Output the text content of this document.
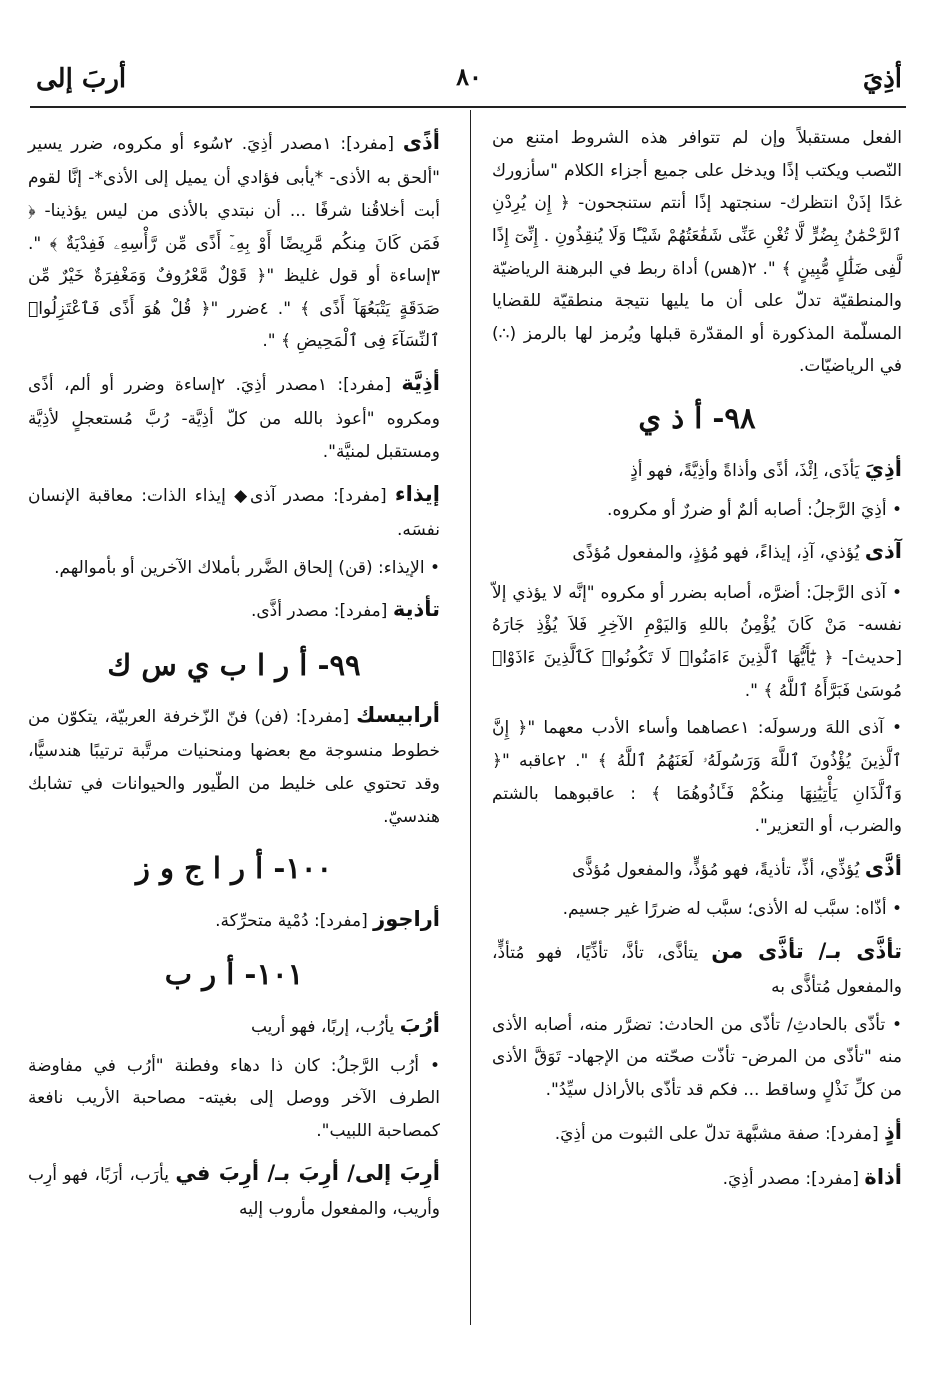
أذِيَ
٨٠
أربَ إلى

الفعل مستقبلاً وإن لم تتوافر هذه الشروط امتنع من النّصب ويكتب إذًا ويدخل على جميع أجزاء الكلام "سأزورك غدًا إذَنْ انتظرك- سنجتهد إذًا أنتم ستنجحون- ﴿ إِن يُرِدْنِ ٱلرَّحْمَٰنُ بِضُرٍّ لَّا تُغْنِ عَنِّى شَفَٰعَتُهُمْ شَيْـًٔا وَلَا يُنقِذُونِ . إِنِّىٓ إِذًا لَّفِى ضَلَٰلٍ مُّبِينٍ ﴾ ". ٢(هس) أداة ربط في البرهنة الرياضيّة والمنطقيّة تدلّ على أن ما يليها نتيجة منطقيّة للقضايا المسلّمة المذكورة أو المقدّرة قبلها ويُرمز لها بالرمز (∴) في الرياضيّات.

٩٨- أ ذ ي

أذِيَ يَأذَى، اِئْذَ، أذًى وأذاةً وأذِيَّةً، فهو أذٍ

• أذِيَ الرَّجلُ: أصابه ألمٌ أو ضررٌ أو مكروه.

آذى يُؤذي، آذِ، إيذاءً، فهو مُؤذٍ، والمفعول مُؤذًى

• آذى الرَّجلَ: أضرَّه، أصابه بضرر أو مكروه "إنَّه لا يؤذي إلاّ نفسه- مَنْ كَانَ يُؤْمِنُ باللهِ وَاليَوْمِ الآخِرِ فَلاَ يُؤْذِ جَارَهُ [حديث]- ﴿ يَٰٓأَيُّهَا ٱلَّذِينَ ءَامَنُوا۟ لَا تَكُونُوا۟ كَٱلَّذِينَ ءَاذَوْا۟ مُوسَىٰ فَبَرَّأَهُ ٱللَّهُ ﴾ ".

• آذى اللهَ ورسولَه: ١عصاهما وأساء الأدب معهما "﴿ إِنَّ ٱلَّذِينَ يُؤْذُونَ ٱللَّهَ وَرَسُولَهُۥ لَعَنَهُمُ ٱللَّهُ ﴾ ". ٢عاقبه "﴿ وَٱلَّذَانِ يَأْتِيَٰنِهَا مِنكُمْ فَـَٔاذُوهُمَا ﴾ : عاقبوهما بالشتم والضرب، أو التعزير".

أذَّى يُؤذِّي، أذِّ، تأذيةً، فهو مُؤذٍّ، والمفعول مُؤذًّى

• أذّاه: سبَّب له الأذى؛ سبَّب له ضررًا غير جسيم.

تأذَّى بـ/ تأذَّى من يتأذَّى، تأذَّ، تأذِّيًا، فهو مُتأذٍّ، والمفعول مُتأذًّى به

• تأذّى بالحادثِ/ تأذّى من الحادث: تضرَّر منه، أصابه الأذى منه "تأذّى من المرض- تأذّت صحّته من الإجهاد- تَوَقَّ الأذى من كلِّ نَذْلٍ وساقط ... فكم قد تأذّى بالأراذل سيِّدُ".

أذٍ [مفرد]: صفة مشبَّهة تدلّ على الثبوت من أذِيَ.

أذاة [مفرد]: مصدر أذِيَ.

أذًى [مفرد]: ١مصدر أذِيَ. ٢سُوء أو مكروه، ضرر يسير "ألحق به الأذى- *يأبى فؤادي أن يميل إلى الأذى*- إنَّا لقوم أبت أخلاقُنا شرفًا ... أن نبتدي بالأذى من ليس يؤذينا- ﴿ فَمَن كَانَ مِنكُم مَّرِيضًا أَوْ بِهِۦٓ أَذًى مِّن رَّأْسِهِۦ فَفِدْيَةٌ ﴾ ". ٣إساءة أو قول غليظ "﴿ قَوْلٌ مَّعْرُوفٌ وَمَغْفِرَةٌ خَيْرٌ مِّن صَدَقَةٍ يَتْبَعُهَآ أَذًى ﴾ ". ٤ضرر "﴿ قُلْ هُوَ أَذًى فَٱعْتَزِلُوا۟ ٱلنِّسَآءَ فِى ٱلْمَحِيضِ ﴾ ".

أذِيَّة [مفرد]: ١مصدر أذِيَ. ٢إساءة وضرر أو ألم، أذًى ومكروه "أعوذ بالله من كلّ أذِيَّة- رُبَّ مُستعجلٍ لأذِيَّة ومستقبل لمنيَّة".

إيذاء [مفرد]: مصدر آذى◆ إيذاء الذات: معاقبة الإنسان نفسَه.

• الإيذاء: (قن) إلحاق الضَّرر بأملاك الآخرين أو بأموالهم.

تأذية [مفرد]: مصدر أذَّى.

٩٩- أ ر ا ب ي س ك

أرابيسك [مفرد]: (فن) فنّ الزّخرفة العربيّة، يتكوّن من خطوط منسوجة مع بعضها ومنحنيات مرتَّبة ترتيبًا هندسيًّا، وقد تحتوي على خليط من الطّيور والحيوانات في تشابك هندسيّ.

١٠٠- أ ر ا ج و ز

أراجوز [مفرد]: دُمْية متحرِّكة.

١٠١- أ ر ب

أرُبَ يأرُب، إربًا، فهو أريب

• أرُب الرَّجلُ: كان ذا دهاء وفطنة "أرُب في مفاوضة الطرف الآخر ووصل إلى بغيته- مصاحبة الأريب نافعة كمصاحبة اللبيب".

أرِبَ إلى/ أرِبَ بـ/ أرِبَ في يأرَب، أرَبًا، فهو أرِب وأريب، والمفعول مأروب إليه
